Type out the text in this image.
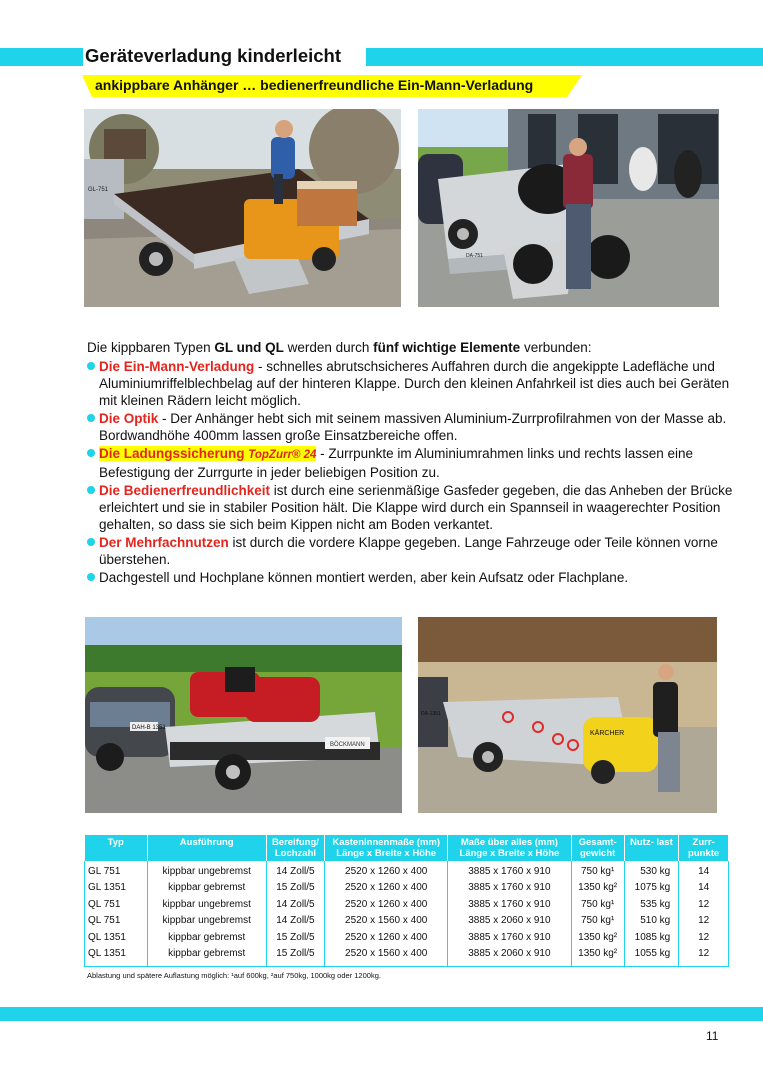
Geräteverladung kinderleicht
ankippbare Anhänger … bedienerfreundliche Ein-Mann-Verladung
GL-751
DA-751
Die kippbaren Typen GL und QL werden durch fünf wichtige Elemente verbunden:
Die Ein-Mann-Verladung - schnelles abrutschsicheres Auffahren durch die angekippte Ladefläche und Aluminiumriffelblechbelag auf der hinteren Klappe. Durch den kleinen Anfahrkeil ist dies auch bei Geräten mit kleinen Rädern leicht möglich.
Die Optik - Der Anhänger hebt sich mit seinem massiven Aluminium-Zurrprofilrahmen von der Masse ab. Bordwandhöhe 400mm lassen große Einsatzbereiche offen.
Die Ladungssicherung TopZurr® 24 - Zurrpunkte im Aluminiumrahmen links und rechts lassen eine Befestigung der Zurrgurte in jeder beliebigen Position zu.
Die Bedienerfreundlichkeit ist durch eine serienmäßige Gasfeder gegeben, die das Anheben der Brücke erleichtert und sie in stabiler Position hält. Die Klappe wird durch ein Spannseil in waagerechter Position gehalten, so dass sie sich beim Kippen nicht am Boden verkantet.
Der Mehrfachnutzen ist durch die vordere Klappe gegeben. Lange Fahrzeuge oder Teile können vorne überstehen.
Dachgestell und Hochplane können montiert werden, aber kein Aufsatz oder Flachplane.
DAH-B 1351
BÖCKMANN
KÄRCHER
DA-1351
Typ	Ausführung	Bereifung/ Lochzahl	Kasteninnenmaße (mm) Länge x Breite x Höhe	Maße über alles (mm) Länge x Breite x Höhe	Gesamt- gewicht	Nutz- last	Zurr- punkte
GL 751	kippbar ungebremst	14 Zoll/5	2520 x 1260 x 400	3885 x 1760 x 910	750 kg¹	530 kg	14
GL 1351	kippbar gebremst	15 Zoll/5	2520 x 1260 x 400	3885 x 1760 x 910	1350 kg²	1075 kg	14
QL 751	kippbar ungebremst	14 Zoll/5	2520 x 1260 x 400	3885 x 1760 x 910	750 kg¹	535 kg	12
QL 751	kippbar ungebremst	14 Zoll/5	2520 x 1560 x 400	3885 x 2060 x 910	750 kg¹	510 kg	12
QL 1351	kippbar gebremst	15 Zoll/5	2520 x 1260 x 400	3885 x 1760 x 910	1350 kg²	1085 kg	12
QL 1351	kippbar gebremst	15 Zoll/5	2520 x 1560 x 400	3885 x 2060 x 910	1350 kg²	1055 kg	12
Ablastung und spätere Auflastung möglich: ¹auf 600kg, ²auf 750kg, 1000kg oder 1200kg.
11
